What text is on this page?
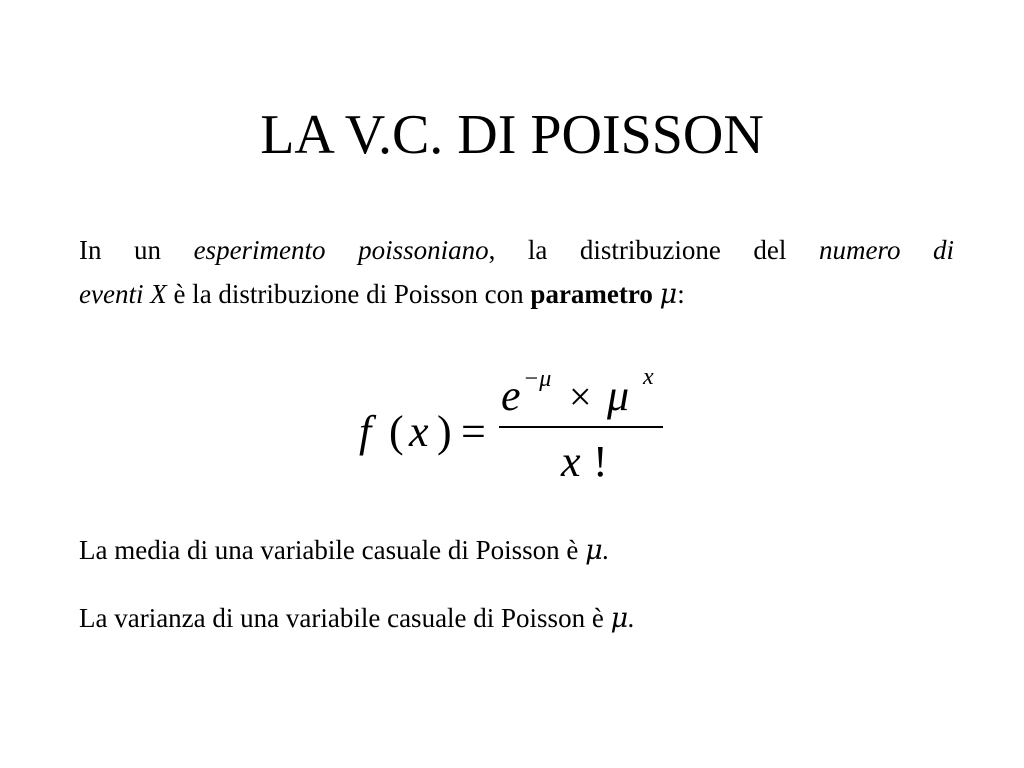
LA V.C. DI POISSON
In un esperimento poissoniano, la distribuzione del numero di
eventi X è la distribuzione di Poisson con parametro μ:
f ( x ) =
e −μ × μ x
x !

La media di una variabile casuale di Poisson è μ.

La varianza di una variabile casuale di Poisson è μ.
